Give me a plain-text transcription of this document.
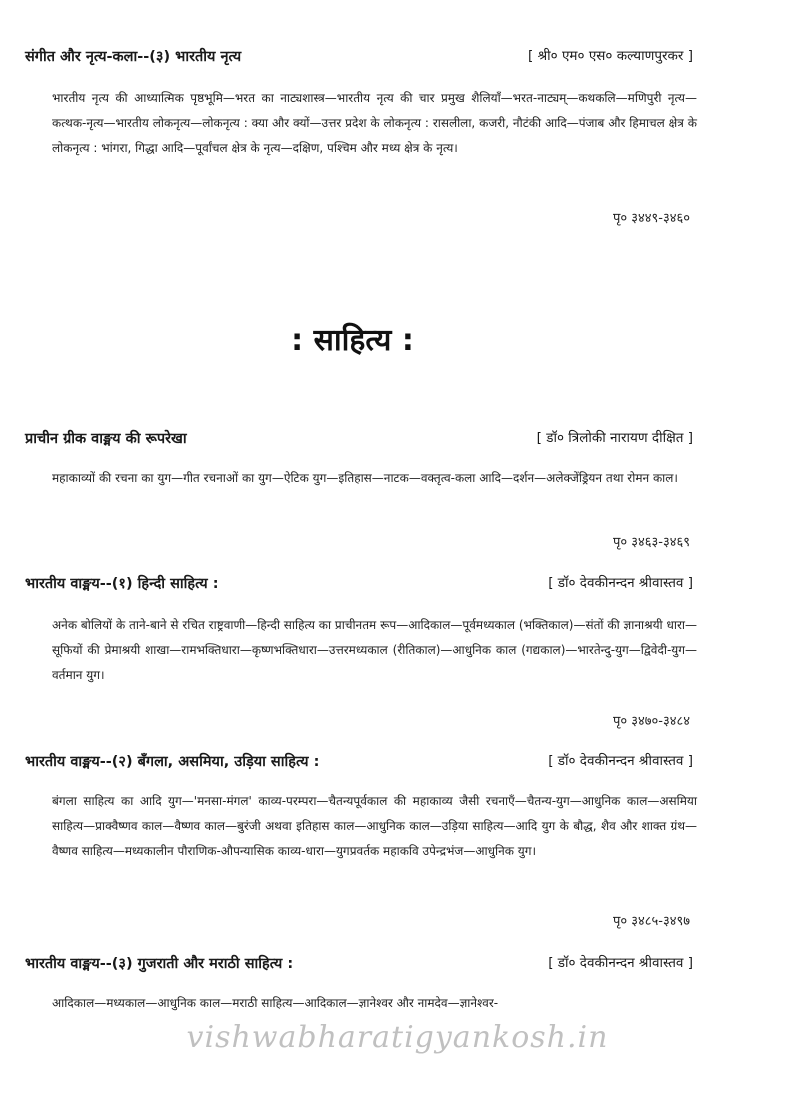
संगीत और नृत्य-कला--(३) भारतीय नृत्य	[ श्री० एम० एस० कल्याणपुरकर ]
भारतीय नृत्य की आध्यात्मिक पृष्ठभूमि—भरत का नाट्यशास्त्र—भारतीय नृत्य की चार प्रमुख शैलियाँ—भरत-नाट्यम्—कथकलि—मणिपुरी नृत्य—कत्थक-नृत्य—भारतीय लोकनृत्य—लोकनृत्य : क्या और क्यों—उत्तर प्रदेश के लोकनृत्य : रासलीला, कजरी, नौटंकी आदि—पंजाब और हिमाचल क्षेत्र के लोकनृत्य : भांगरा, गिद्धा आदि—पूर्वांचल क्षेत्र के नृत्य—दक्षिण, पश्चिम और मध्य क्षेत्र के नृत्य।
पृ० ३४४९-३४६०
: साहित्य :
प्राचीन ग्रीक वाङ्मय की रूपरेखा	[ डॉ० त्रिलोकी नारायण दीक्षित ]
महाकाव्यों की रचना का युग—गीत रचनाओं का युग—ऐटिक युग—इतिहास—नाटक—वक्तृत्व-कला आदि—दर्शन—अलेक्जेंड्रियन तथा रोमन काल।
पृ० ३४६३-३४६९
भारतीय वाङ्मय--(१) हिन्दी साहित्य :	[ डॉ० देवकीनन्दन श्रीवास्तव ]
अनेक बोलियों के ताने-बाने से रचित राष्ट्रवाणी—हिन्दी साहित्य का प्राचीनतम रूप—आदिकाल—पूर्वमध्यकाल (भक्तिकाल)—संतों की ज्ञानाश्रयी धारा—सूफियों की प्रेमाश्रयी शाखा—रामभक्तिधारा—कृष्णभक्तिधारा—उत्तरमध्यकाल (रीतिकाल)—आधुनिक काल (गद्यकाल)—भारतेन्दु-युग—द्विवेदी-युग—वर्तमान युग।
पृ० ३४७०-३४८४
भारतीय वाङ्मय--(२) बँगला, असमिया, उड़िया साहित्य :	[ डॉ० देवकीनन्दन श्रीवास्तव ]
बंगला साहित्य का आदि युग—'मनसा-मंगल' काव्य-परम्परा—चैतन्यपूर्वकाल की महाकाव्य जैसी रचनाएँ—चैतन्य-युग—आधुनिक काल—असमिया साहित्य—प्राक्वैष्णव काल—वैष्णव काल—बुरंजी अथवा इतिहास काल—आधुनिक काल—उड़िया साहित्य—आदि युग के बौद्ध, शैव और शाक्त ग्रंथ—वैष्णव साहित्य—मध्यकालीन पौराणिक-औपन्यासिक काव्य-धारा—युगप्रवर्तक महाकवि उपेन्द्रभंज—आधुनिक युग।
पृ० ३४८५-३४९७
भारतीय वाङ्मय--(३) गुजराती और मराठी साहित्य :	[ डॉ० देवकीनन्दन श्रीवास्तव ]
आदिकाल—मध्यकाल—आधुनिक काल—मराठी साहित्य—आदिकाल—ज्ञानेश्वर और नामदेव—ज्ञानेश्वर-
vishwabharatigyankosh.in
